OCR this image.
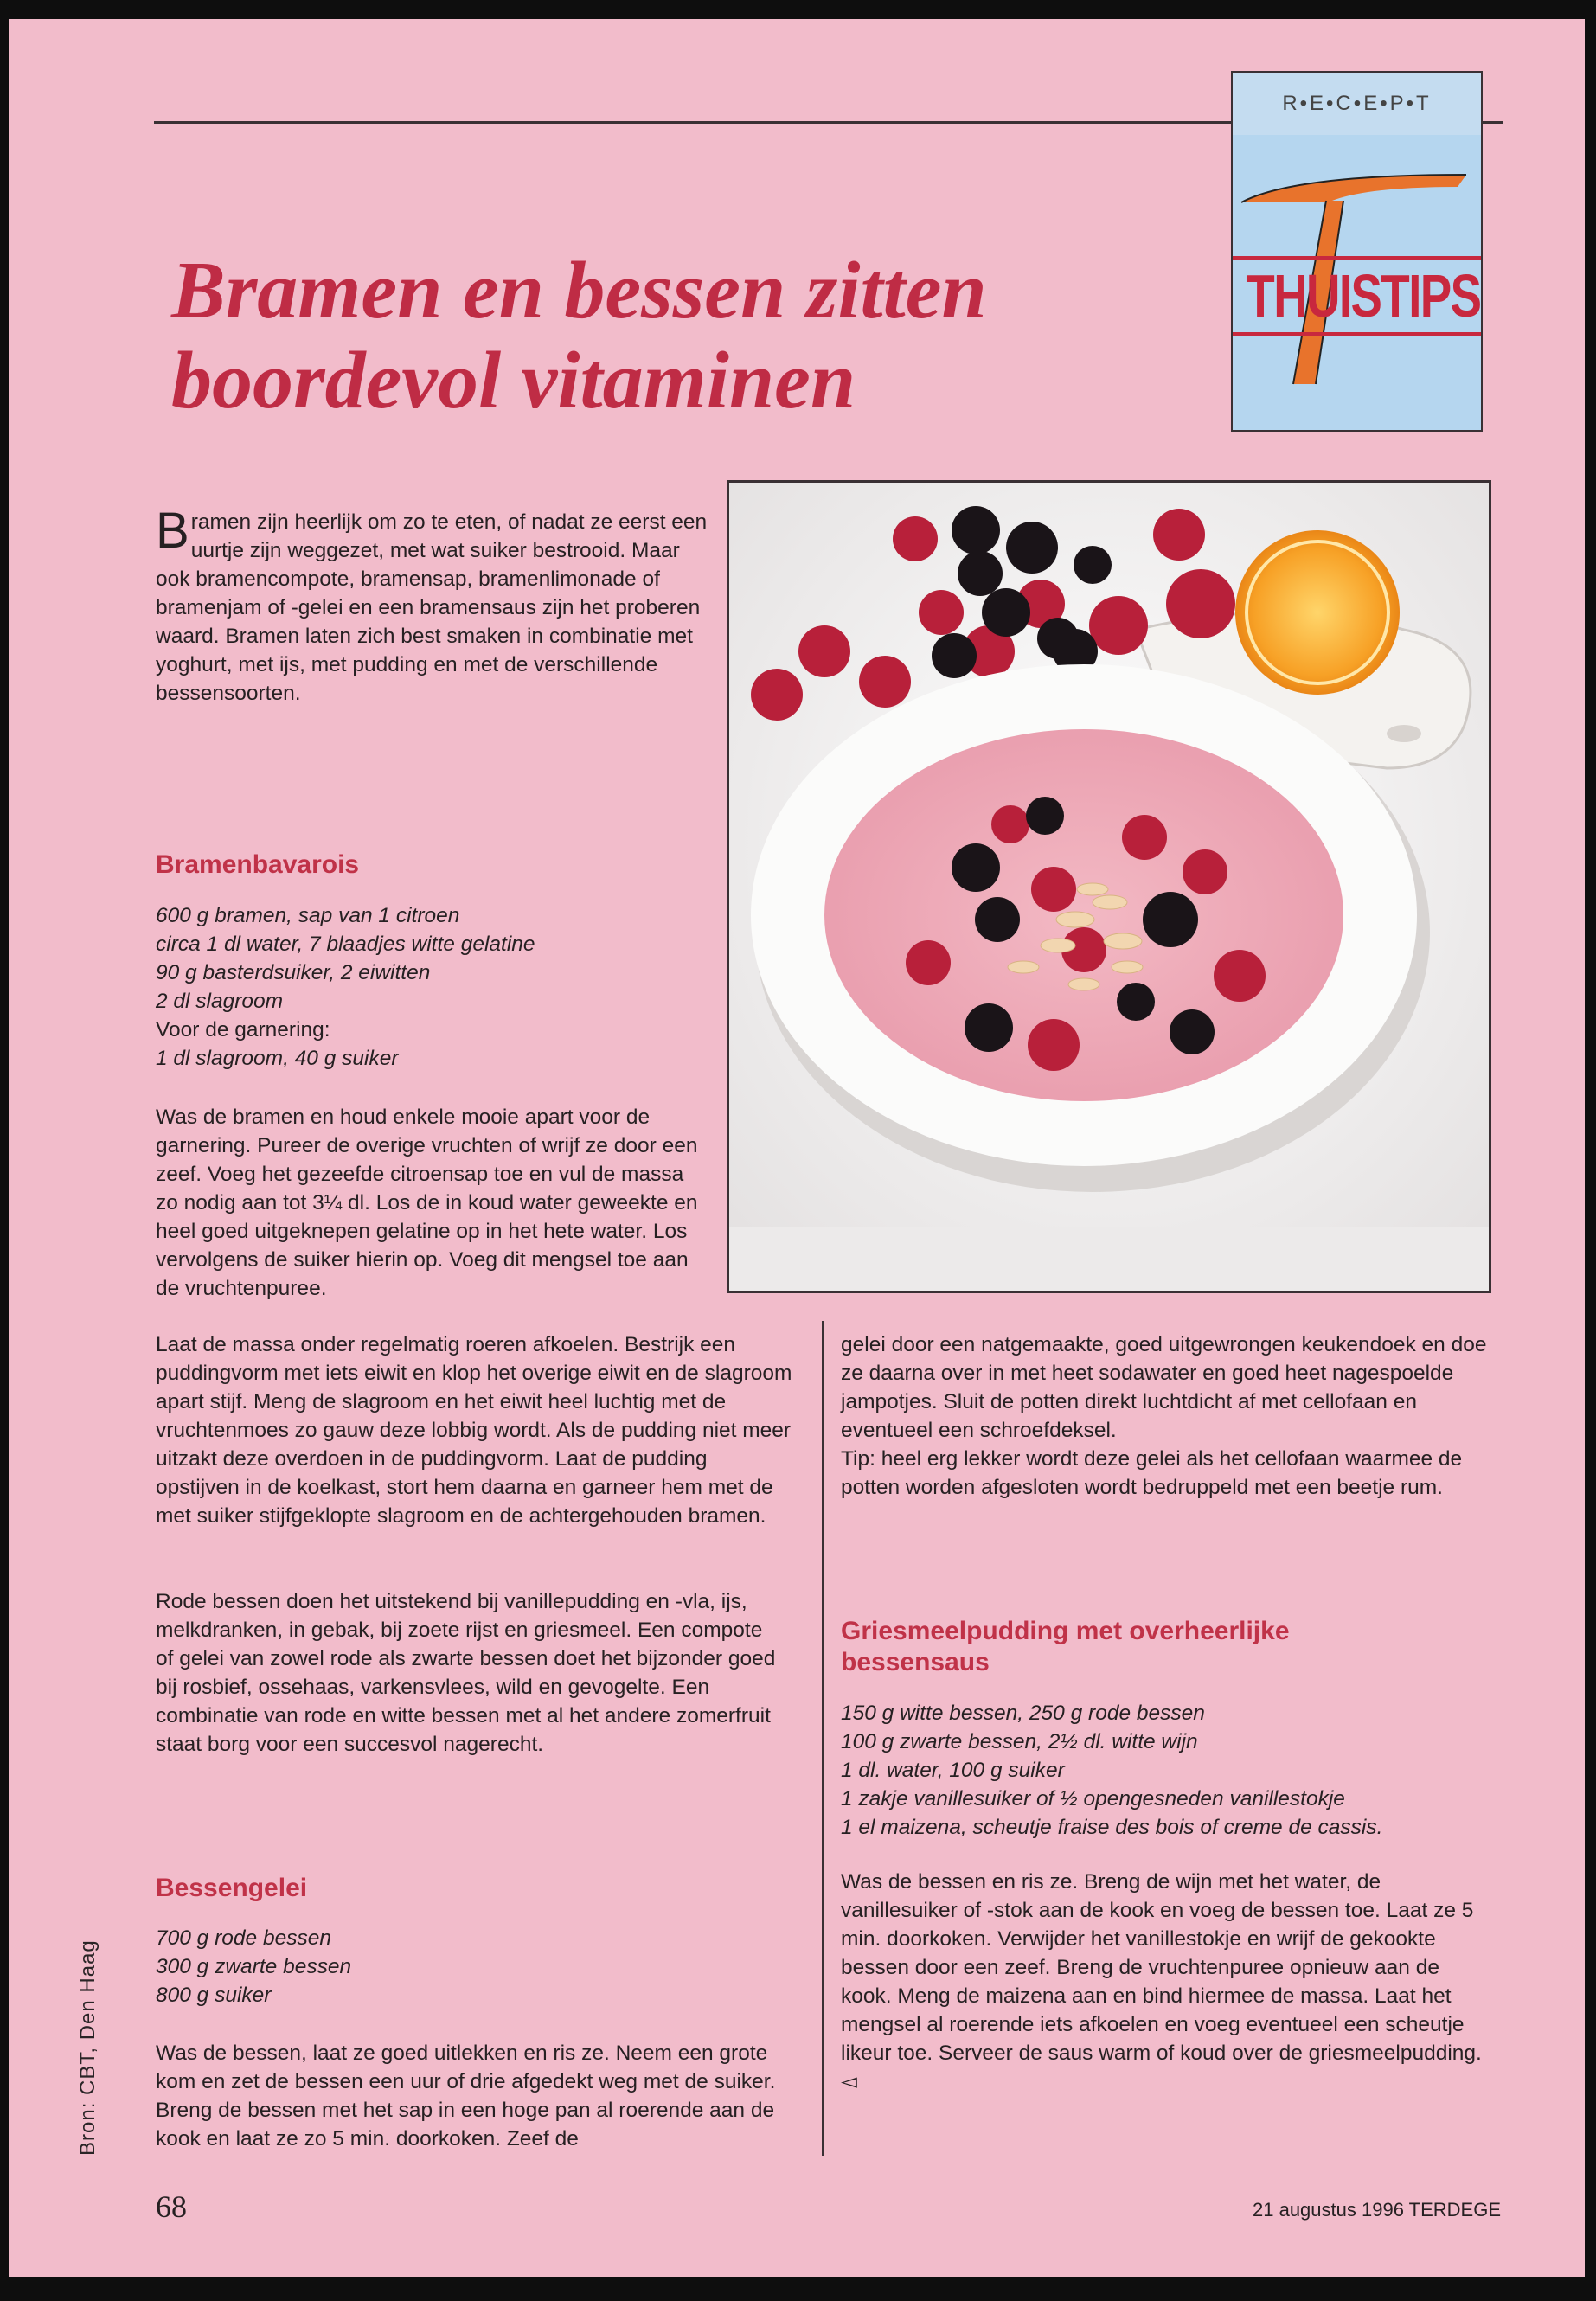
R•E•C•E•P•T
THUISTIPS
Bramen en bessen zitten
boordevol vitaminen
Bramen zijn heerlijk om zo te eten, of nadat ze eerst een uurtje zijn weggezet, met wat suiker bestrooid. Maar ook bramencompote, bramensap, bramenlimonade of bramenjam of -gelei en een bramensaus zijn het proberen waard. Bramen laten zich best smaken in combinatie met yoghurt, met ijs, met pudding en met de verschillende bessensoorten.
Bramenbavarois
600 g bramen, sap van 1 citroen
circa 1 dl water, 7 blaadjes witte gelatine
90 g basterdsuiker, 2 eiwitten
2 dl slagroom
Voor de garnering:
1 dl slagroom, 40 g suiker
Was de bramen en houd enkele mooie apart voor de garnering. Pureer de overige vruchten of wrijf ze door een zeef. Voeg het gezeefde citroensap toe en vul de massa zo nodig aan tot 3¼ dl. Los de in koud water geweekte en heel goed uitgeknepen gelatine op in het hete water. Los vervolgens de suiker hierin op. Voeg dit mengsel toe aan de vruchtenpuree.
Laat de massa onder regelmatig roeren afkoelen. Bestrijk een puddingvorm met iets eiwit en klop het overige eiwit en de slagroom apart stijf. Meng de slagroom en het eiwit heel luchtig met de vruchtenmoes zo gauw deze lobbig wordt. Als de pudding niet meer uitzakt deze overdoen in de puddingvorm. Laat de pudding opstijven in de koelkast, stort hem daarna en garneer hem met de met suiker stijfgeklopte slagroom en de achtergehouden bramen.
Rode bessen doen het uitstekend bij vanillepudding en -vla, ijs, melkdranken, in gebak, bij zoete rijst en griesmeel. Een compote of gelei van zowel rode als zwarte bessen doet het bijzonder goed bij rosbief, ossehaas, varkensvlees, wild en gevogelte. Een combinatie van rode en witte bessen met al het andere zomerfruit staat borg voor een succesvol nagerecht.
Bessengelei
700 g rode bessen
300 g zwarte bessen
800 g suiker
Was de bessen, laat ze goed uitlekken en ris ze. Neem een grote kom en zet de bessen een uur of drie afgedekt weg met de suiker. Breng de bessen met het sap in een hoge pan al roerende aan de kook en laat ze zo 5 min. doorkoken. Zeef de
gelei door een natgemaakte, goed uitgewrongen keukendoek en doe ze daarna over in met heet sodawater en goed heet nagespoelde jampotjes. Sluit de potten direkt luchtdicht af met cellofaan en eventueel een schroefdeksel.
Tip: heel erg lekker wordt deze gelei als het cellofaan waarmee de potten worden afgesloten wordt bedruppeld met een beetje rum.
Griesmeelpudding met overheerlijke bessensaus
150 g witte bessen, 250 g rode bessen
100 g zwarte bessen, 2½ dl. witte wijn
1 dl. water, 100 g suiker
1 zakje vanillesuiker of ½ opengesneden vanillestokje
1 el maizena, scheutje fraise des bois of creme de cassis.
Was de bessen en ris ze. Breng de wijn met het water, de vanillesuiker of -stok aan de kook en voeg de bessen toe. Laat ze 5 min. doorkoken. Verwijder het vanillestokje en wrijf de gekookte bessen door een zeef. Breng de vruchtenpuree opnieuw aan de kook. Meng de maizena aan en bind hiermee de massa. Laat het mengsel al roerende iets afkoelen en voeg eventueel een scheutje likeur toe. Serveer de saus warm of koud over de griesmeelpudding. ◅
Bron: CBT, Den Haag
68	21 augustus 1996 TERDEGE
